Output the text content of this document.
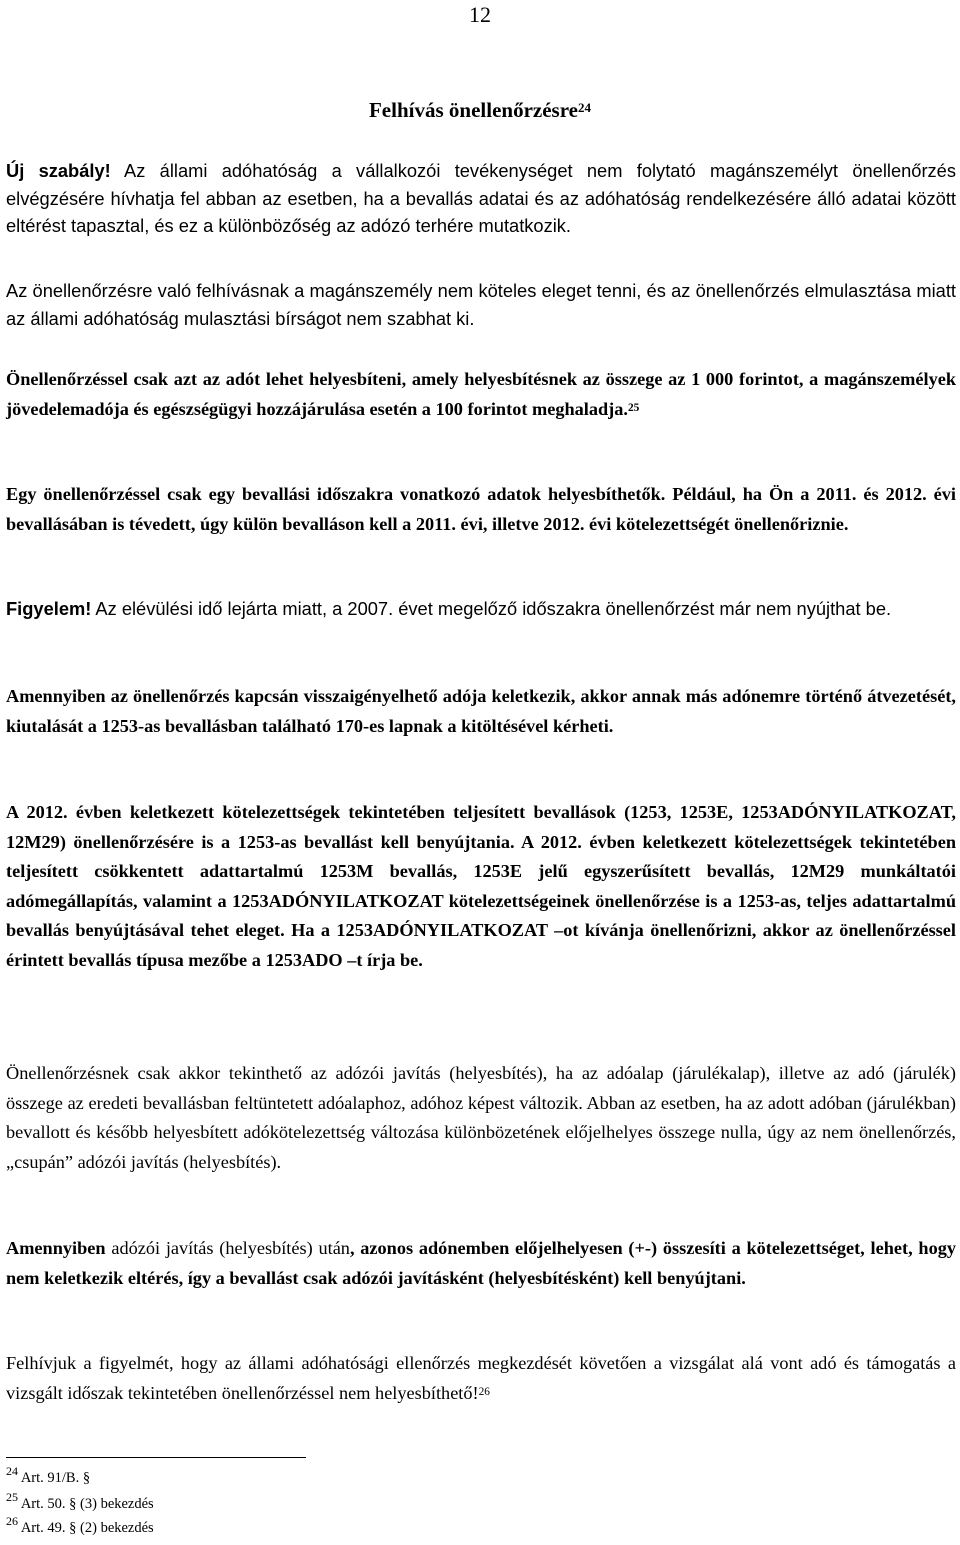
12
Felhívás önellenőrzésre$^{24}$

Új szabály! Az állami adóhatóság a vállalkozói tevékenységet nem folytató magánszemélyt önellenőrzés elvégzésére hívhatja fel abban az esetben, ha a bevallás adatai és az adóhatóság rendelkezésére álló adatai között eltérést tapasztal, és ez a különbözőség az adózó terhére mutatkozik.

Az önellenőrzésre való felhívásnak a magánszemély nem köteles eleget tenni, és az önellenőrzés elmulasztása miatt az állami adóhatóság mulasztási bírságot nem szabhat ki.

Önellenőrzéssel csak azt az adót lehet helyesbíteni, amely helyesbítésnek az összege az 1 000 forintot, a magánszemélyek jövedelemadója és egészségügyi hozzájárulása esetén a 100 forintot meghaladja.$^{25}$

Egy önellenőrzéssel csak egy bevallási időszakra vonatkozó adatok helyesbíthetők. Például, ha Ön a 2011. és 2012. évi bevallásában is tévedett, úgy külön bevalláson kell a 2011. évi, illetve 2012. évi kötelezettségét önellenőriznie.

Figyelem! Az elévülési idő lejárta miatt, a 2007. évet megelőző időszakra önellenőrzést már nem nyújthat be.

Amennyiben az önellenőrzés kapcsán visszaigényelhető adója keletkezik, akkor annak más adónemre történő átvezetését, kiutalását a 1253-as bevallásban található 170-es lapnak a kitöltésével kérheti.

A 2012. évben keletkezett kötelezettségek tekintetében teljesített bevallások (1253, 1253E, 1253ADÓNYILATKOZAT, 12M29) önellenőrzésére is a 1253-as bevallást kell benyújtania. A 2012. évben keletkezett kötelezettségek tekintetében teljesített csökkentett adattartalmú 1253M bevallás, 1253E jelű egyszerűsített bevallás, 12M29 munkáltatói adómegállapítás, valamint a 1253ADÓNYILATKOZAT kötelezettségeinek önellenőrzése is a 1253-as, teljes adattartalmú bevallás benyújtásával tehet eleget. Ha a 1253ADÓNYILATKOZAT –ot kívánja önellenőrizni, akkor az önellenőrzéssel érintett bevallás típusa mezőbe a 1253ADO –t írja be.

Önellenőrzésnek csak akkor tekinthető az adózói javítás (helyesbítés), ha az adóalap (járulékalap), illetve az adó (járulék) összege az eredeti bevallásban feltüntetett adóalaphoz, adóhoz képest változik. Abban az esetben, ha az adott adóban (járulékban) bevallott és később helyesbített adókötelezettség változása különbözetének előjelhelyes összege nulla, úgy az nem önellenőrzés, „csupán” adózói javítás (helyesbítés).

Amennyiben adózói javítás (helyesbítés) után, azonos adónemben előjelhelyesen (+-) összesíti a kötelezettséget, lehet, hogy nem keletkezik eltérés, így a bevallást csak adózói javításként (helyesbítésként) kell benyújtani.

Felhívjuk a figyelmét, hogy az állami adóhatósági ellenőrzés megkezdését követően a vizsgálat alá vont adó és támogatás a vizsgált időszak tekintetében önellenőrzéssel nem helyesbíthető!$^{26}$

$^{24}$ Art. 91/B. §
$^{25}$ Art. 50. § (3) bekezdés
$^{26}$ Art. 49. § (2) bekezdés
